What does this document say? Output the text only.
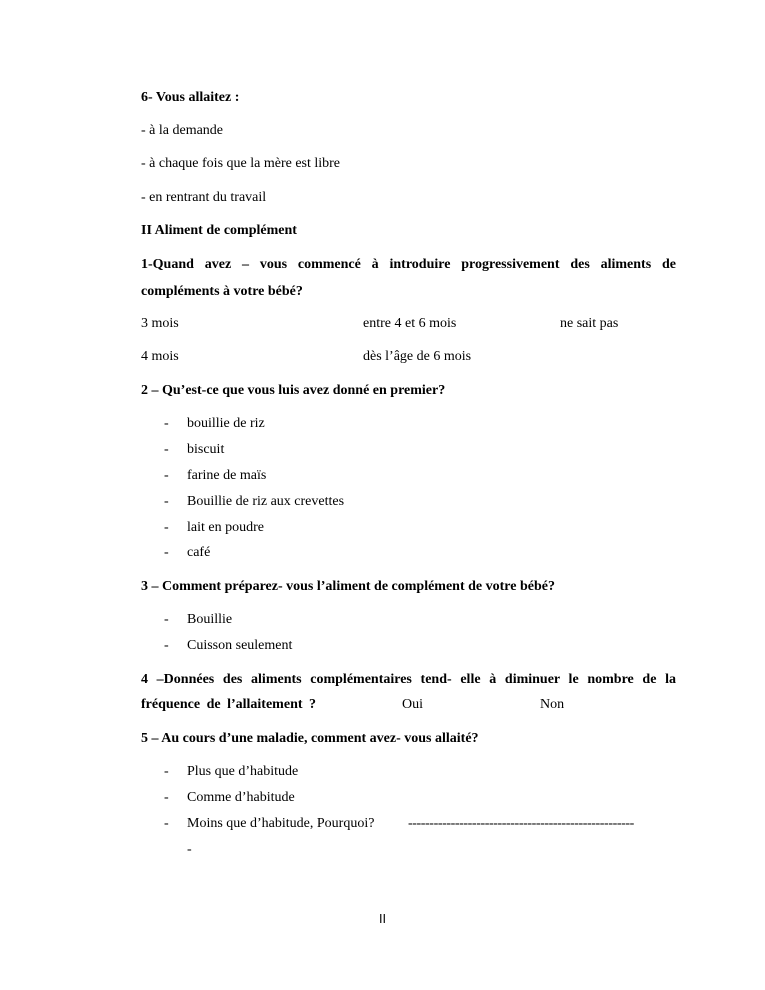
6- Vous allaitez :
- à la demande
- à chaque fois que la mère est libre
- en rentrant du travail
II Aliment de complément
1-Quand avez – vous commencé à introduire progressivement des aliments de
compléments à votre bébé?
3 mois	entre 4 et 6 mois	ne sait pas
4 mois	dès l’âge de 6 mois
2 – Qu’est-ce que vous luis avez donné en premier?
- bouillie de riz
- biscuit
- farine de maïs
- Bouillie de riz aux crevettes
- lait en poudre
- café
3 – Comment préparez- vous l’aliment de complément de votre bébé?
- Bouillie
- Cuisson seulement
4 –Données des aliments complémentaires tend- elle à diminuer le nombre de la
fréquence de l’allaitement ?	Oui	Non
5 – Au cours d’une maladie, comment avez- vous allaité?
- Plus que d’habitude
- Comme d’habitude
- Moins que d’habitude, Pourquoi? -----------------------------------------------------
-
II
